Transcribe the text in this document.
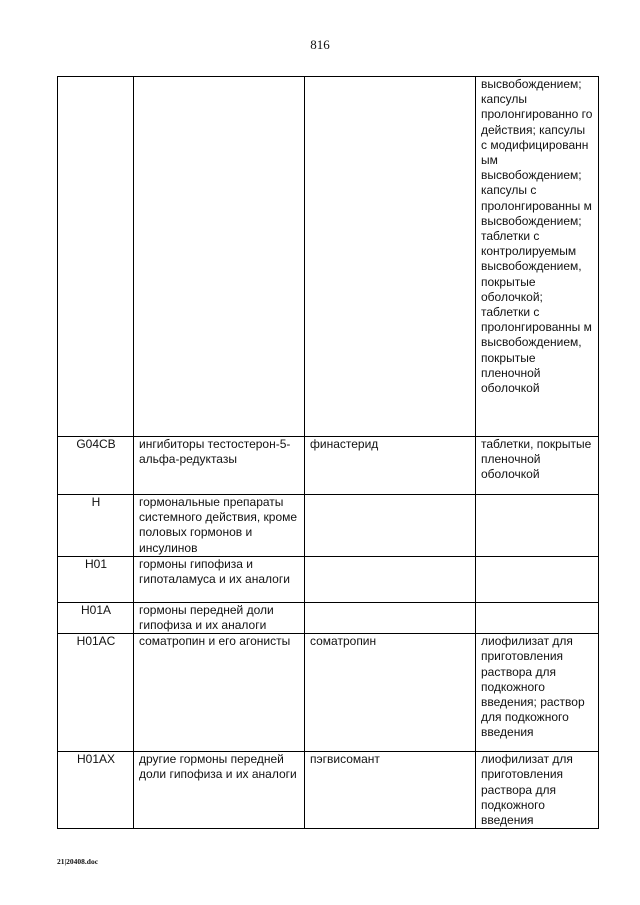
816
			высвобождением; капсулы пролонгированно го действия; капсулы с модифицированн ым высвобождением; капсулы с пролонгированны м высвобождением; таблетки с контролируемым высвобождением, покрытые оболочкой; таблетки с пролонгированны м высвобождением, покрытые пленочной оболочкой
G04CB	ингибиторы тестостерон-5-альфа-редуктазы	финастерид	таблетки, покрытые пленочной оболочкой
H	гормональные препараты системного действия, кроме половых гормонов и инсулинов		
H01	гормоны гипофиза и гипоталамуса и их аналоги		
H01A	гормоны передней доли гипофиза и их аналоги		
H01AC	соматропин и его агонисты	соматропин	лиофилизат для приготовления раствора для подкожного введения; раствор для подкожного введения
H01AX	другие гормоны передней доли гипофиза и их аналоги	пэгвисомант	лиофилизат для приготовления раствора для подкожного введения
21|20408.doc
